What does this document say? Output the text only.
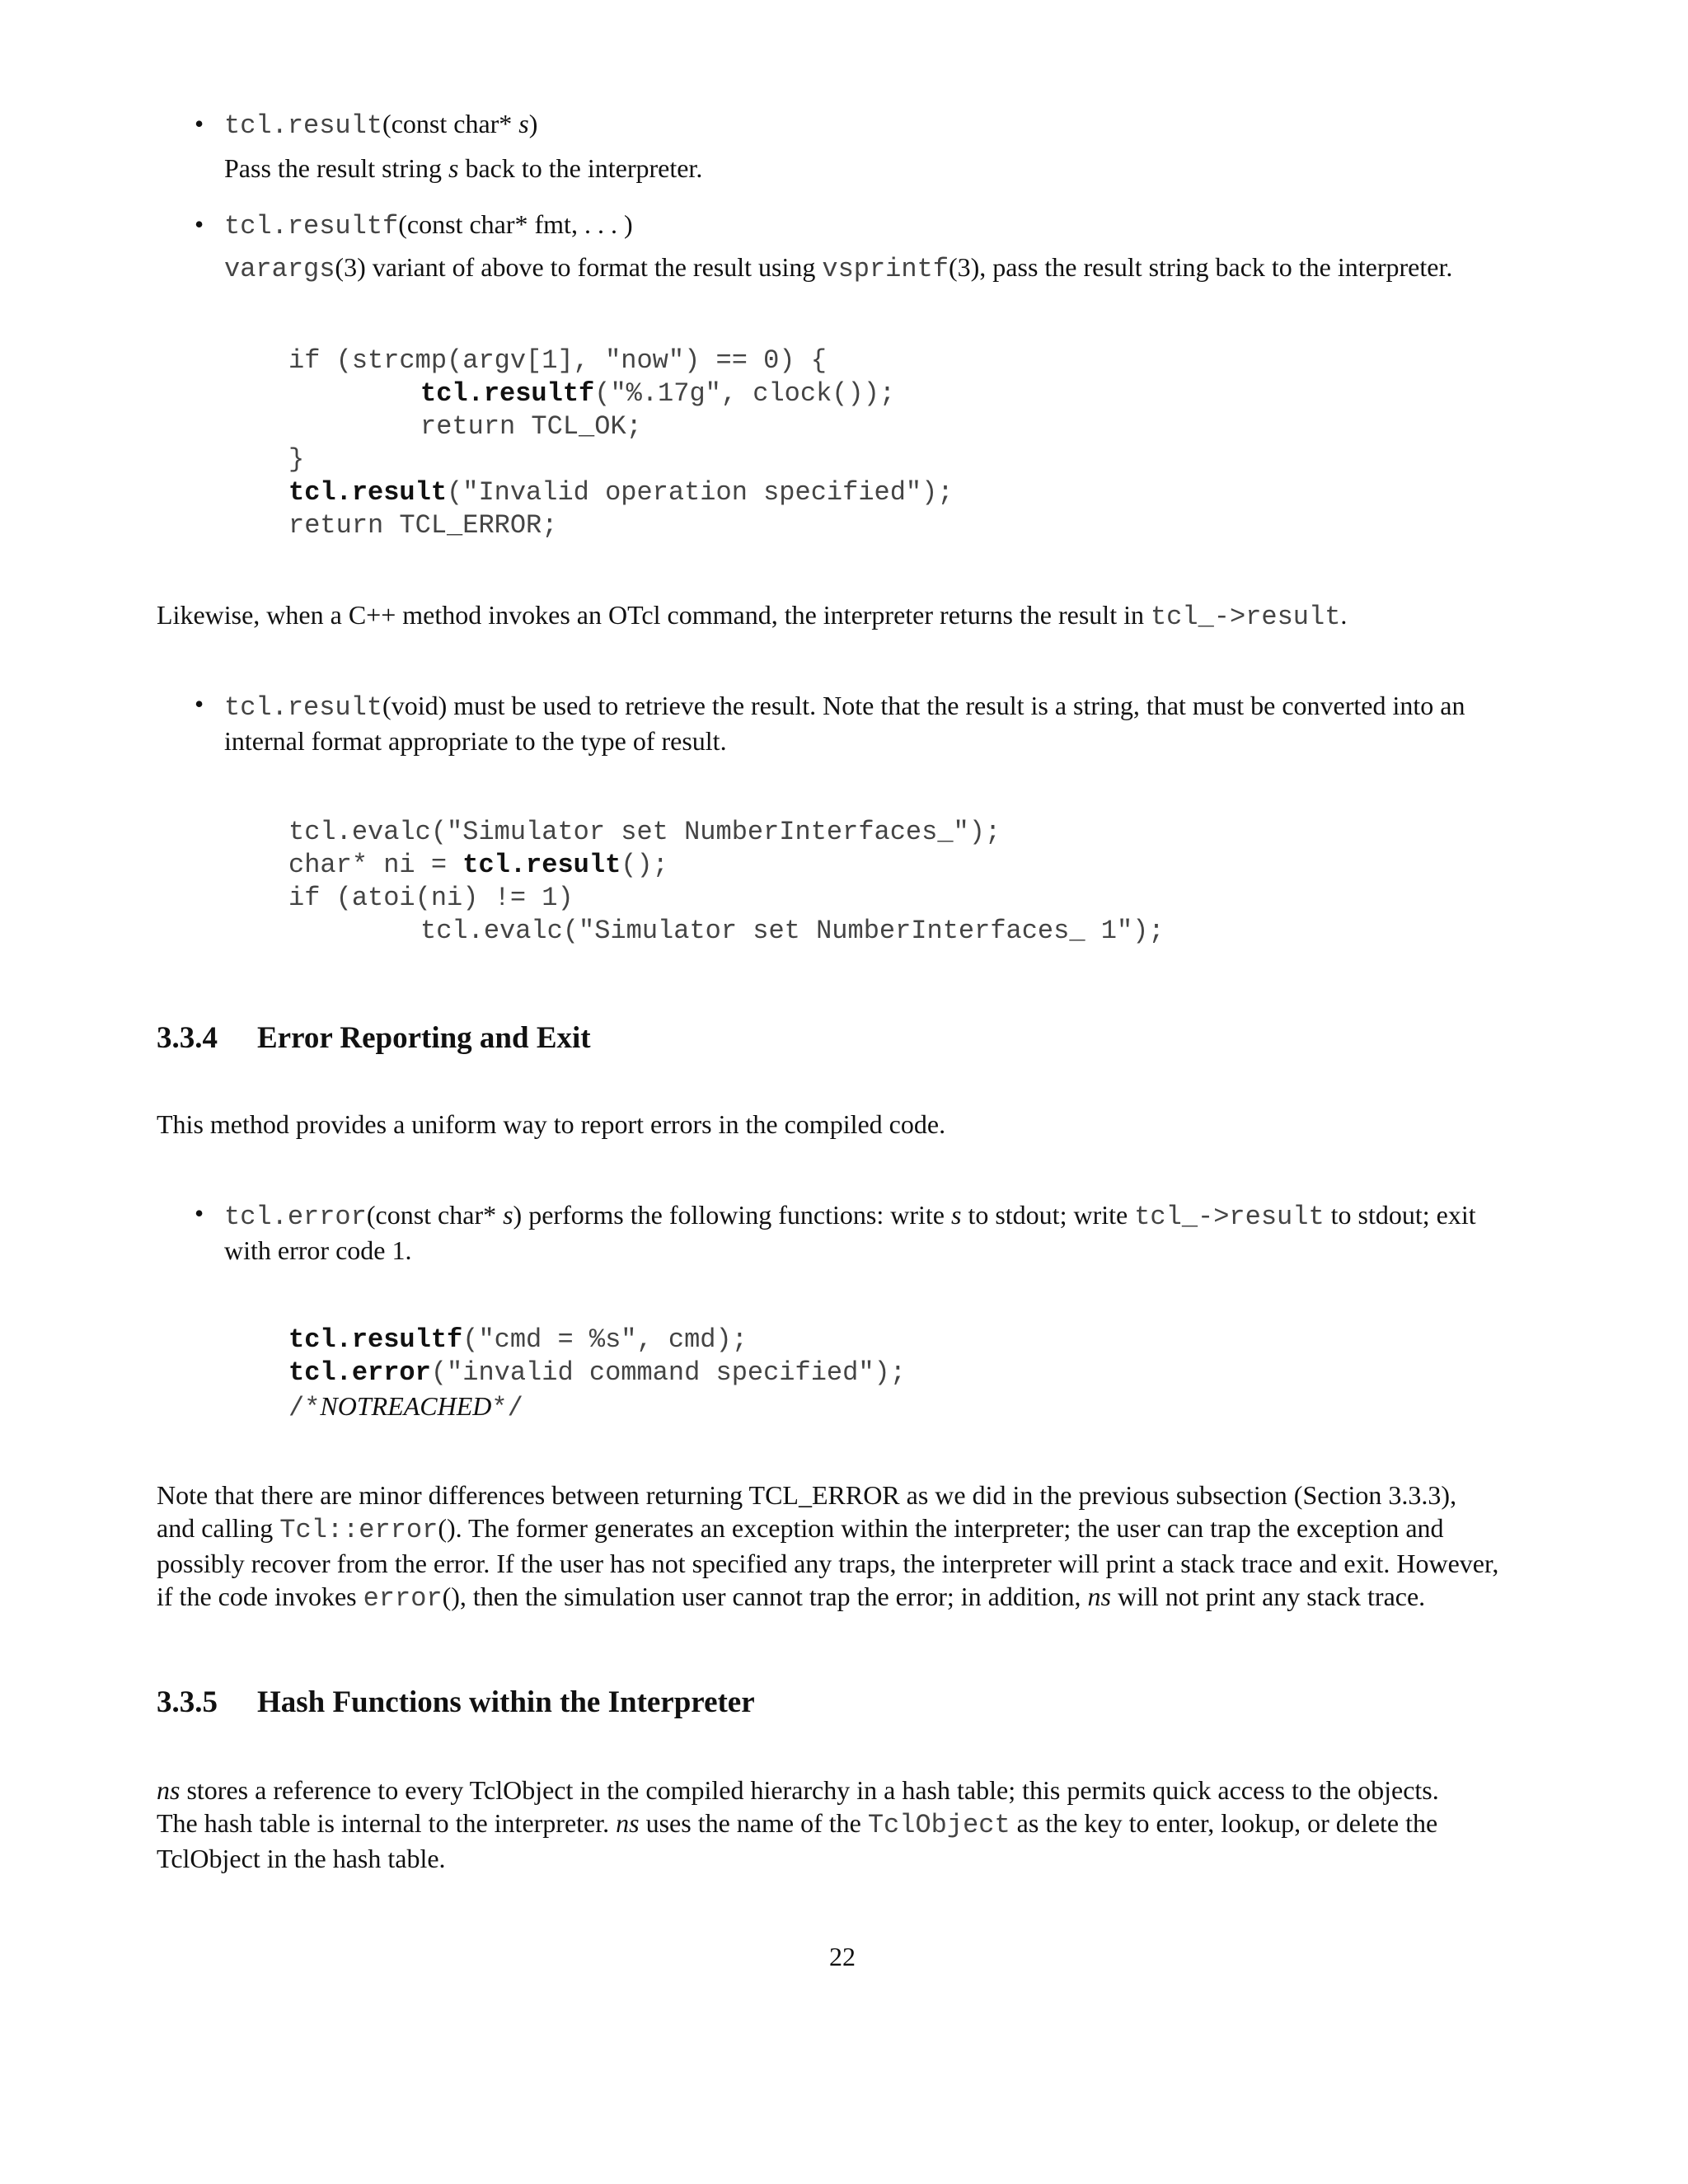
• tcl.result(const char* s)
Pass the result string s back to the interpreter.
• tcl.resultf(const char* fmt, . . . )
varargs(3) variant of above to format the result using vsprintf(3), pass the result string back to the interpreter.
if (strcmp(argv[1], "now") == 0) {
tcl.resultf("%.17g", clock());
return TCL_OK;
}
tcl.result("Invalid operation specified");
return TCL_ERROR;
Likewise, when a C++ method invokes an OTcl command, the interpreter returns the result in tcl_->result.
• tcl.result(void) must be used to retrieve the result. Note that the result is a string, that must be converted into an
internal format appropriate to the type of result.
tcl.evalc("Simulator set NumberInterfaces_");
char* ni = tcl.result();
if (atoi(ni) != 1)
tcl.evalc("Simulator set NumberInterfaces_ 1");
3.3.4 Error Reporting and Exit
This method provides a uniform way to report errors in the compiled code.
• tcl.error(const char* s) performs the following functions: write s to stdout; write tcl_->result to stdout; exit
with error code 1.
tcl.resultf("cmd = %s", cmd);
tcl.error("invalid command specified");
/*NOTREACHED*/
Note that there are minor differences between returning TCL_ERROR as we did in the previous subsection (Section 3.3.3),
and calling Tcl::error(). The former generates an exception within the interpreter; the user can trap the exception and
possibly recover from the error. If the user has not specified any traps, the interpreter will print a stack trace and exit. However,
if the code invokes error(), then the simulation user cannot trap the error; in addition, ns will not print any stack trace.
3.3.5 Hash Functions within the Interpreter
ns stores a reference to every TclObject in the compiled hierarchy in a hash table; this permits quick access to the objects.
The hash table is internal to the interpreter. ns uses the name of the TclObject as the key to enter, lookup, or delete the
TclObject in the hash table.
22
